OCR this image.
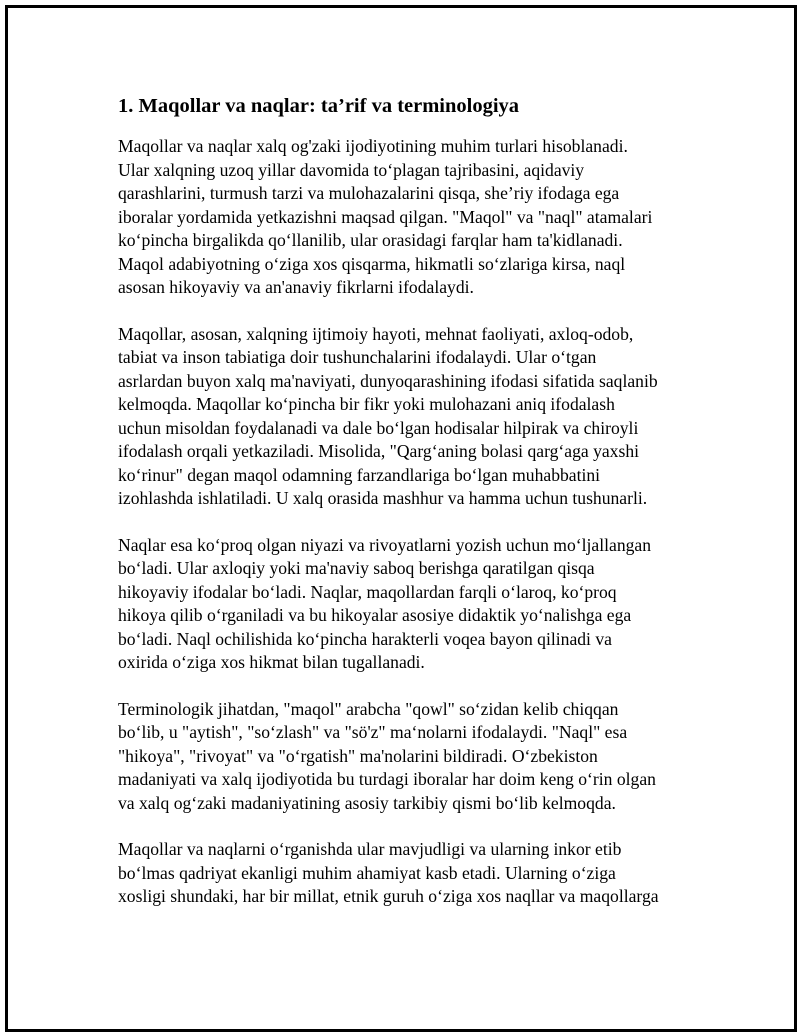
1. Maqollar va naqlar: ta’rif va terminologiya

Maqollar va naqlar xalq og'zaki ijodiyotining muhim turlari hisoblanadi.
Ular xalqning uzoq yillar davomida to‘plagan tajribasini, aqidaviy
qarashlarini, turmush tarzi va mulohazalarini qisqa, she’riy ifodaga ega
iboralar yordamida yetkazishni maqsad qilgan. "Maqol" va "naql" atamalari
ko‘pincha birgalikda qo‘llanilib, ular orasidagi farqlar ham ta'kidlanadi.
Maqol adabiyotning o‘ziga xos qisqarma, hikmatli so‘zlariga kirsa, naql
asosan hikoyaviy va an'anaviy fikrlarni ifodalaydi.

Maqollar, asosan, xalqning ijtimoiy hayoti, mehnat faoliyati, axloq-odob,
tabiat va inson tabiatiga doir tushunchalarini ifodalaydi. Ular o‘tgan
asrlardan buyon xalq ma'naviyati, dunyoqarashining ifodasi sifatida saqlanib
kelmoqda. Maqollar ko‘pincha bir fikr yoki mulohazani aniq ifodalash
uchun misoldan foydalanadi va dale bo‘lgan hodisalar hilpirak va chiroyli
ifodalash orqali yetkaziladi. Misolida, "Qarg‘aning bolasi qarg‘aga yaxshi
ko‘rinur" degan maqol odamning farzandlariga bo‘lgan muhabbatini
izohlashda ishlatiladi. U xalq orasida mashhur va hamma uchun tushunarli.

Naqlar esa ko‘proq olgan niyazi va rivoyatlarni yozish uchun mo‘ljallangan
bo‘ladi. Ular axloqiy yoki ma'naviy saboq berishga qaratilgan qisqa
hikoyaviy ifodalar bo‘ladi. Naqlar, maqollardan farqli o‘laroq, ko‘proq
hikoya qilib o‘rganiladi va bu hikoyalar asosiye didaktik yo‘nalishga ega
bo‘ladi. Naql ochilishida ko‘pincha harakterli voqea bayon qilinadi va
oxirida o‘ziga xos hikmat bilan tugallanadi.

Terminologik jihatdan, "maqol" arabcha "qowl" so‘zidan kelib chiqqan
bo‘lib, u "aytish", "so‘zlash" va "sö'z" ma‘nolarni ifodalaydi. "Naql" esa
"hikoya", "rivoyat" va "o‘rgatish" ma'nolarini bildiradi. O‘zbekiston
madaniyati va xalq ijodiyotida bu turdagi iboralar har doim keng o‘rin olgan
va xalq og‘zaki madaniyatining asosiy tarkibiy qismi bo‘lib kelmoqda.

Maqollar va naqlarni o‘rganishda ular mavjudligi va ularning inkor etib
bo‘lmas qadriyat ekanligi muhim ahamiyat kasb etadi. Ularning o‘ziga
xosligi shundaki, har bir millat, etnik guruh o‘ziga xos naqllar va maqollarga
